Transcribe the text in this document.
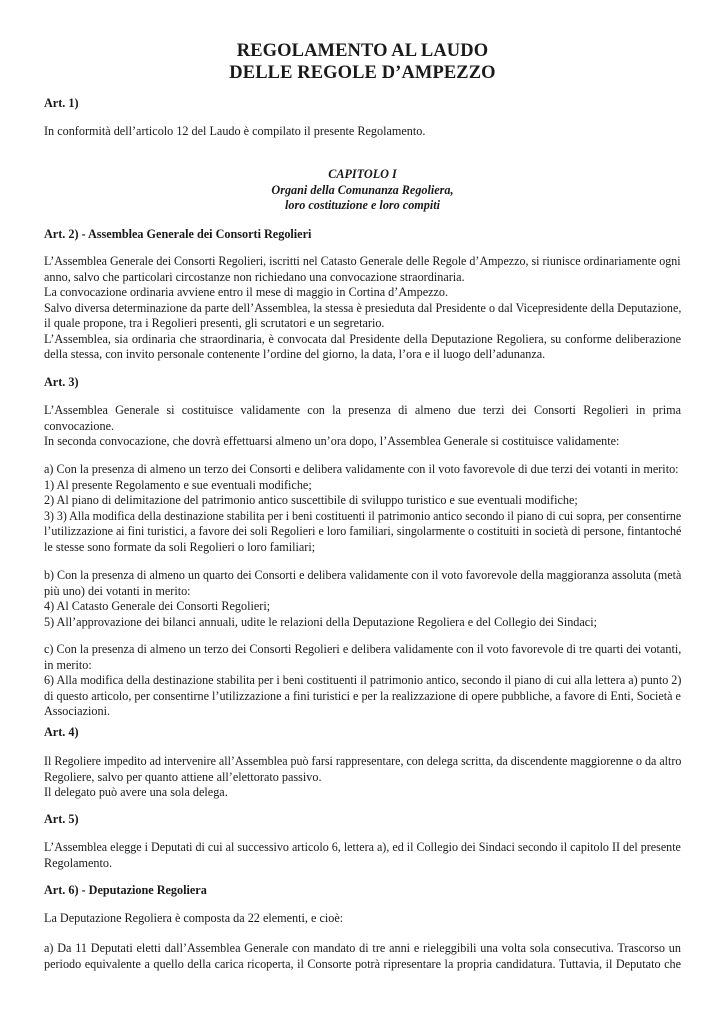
REGOLAMENTO AL LAUDO
DELLE REGOLE D’AMPEZZO
Art. 1)
In conformità dell’articolo 12 del Laudo è compilato il presente Regolamento.
CAPITOLO I
Organi della Comunanza Regoliera,
loro costituzione e loro compiti
Art. 2) - Assemblea Generale dei Consorti Regolieri
L’Assemblea Generale dei Consorti Regolieri, iscritti nel Catasto Generale delle Regole d’Ampezzo, si riunisce ordinariamente ogni
anno, salvo che particolari circostanze non richiedano una convocazione straordinaria.
La convocazione ordinaria avviene entro il mese di maggio in Cortina d’Ampezzo.
Salvo diversa determinazione da parte dell’Assemblea, la stessa è presieduta dal Presidente o dal Vicepresidente della Deputazione,
il quale propone, tra i Regolieri presenti, gli scrutatori e un segretario.
L’Assemblea, sia ordinaria che straordinaria, è convocata dal Presidente della Deputazione Regoliera, su conforme deliberazione
della stessa, con invito personale contenente l’ordine del giorno, la data, l’ora e il luogo dell’adunanza.
Art. 3)
L’Assemblea Generale si costituisce validamente con la presenza di almeno due terzi dei Consorti Regolieri in prima
convocazione.
In seconda convocazione, che dovrà effettuarsi almeno un’ora dopo, l’Assemblea Generale si costituisce validamente:
a) Con la presenza di almeno un terzo dei Consorti e delibera validamente con il voto favorevole di due terzi dei votanti in merito:
1) Al presente Regolamento e sue eventuali modifiche;
2) Al piano di delimitazione del patrimonio antico suscettibile di sviluppo turistico e sue eventuali modifiche;
3) 3) Alla modifica della destinazione stabilita per i beni costituenti il patrimonio antico secondo il piano di cui sopra, per consentirne
l’utilizzazione ai fini turistici, a favore dei soli Regolieri e loro familiari, singolarmente o costituiti in società di persone, fintantoché
le stesse sono formate da soli Regolieri o loro familiari;
b) Con la presenza di almeno un quarto dei Consorti e delibera validamente con il voto favorevole della maggioranza assoluta (metà
più uno) dei votanti in merito:
4) Al Catasto Generale dei Consorti Regolieri;
5) All’approvazione dei bilanci annuali, udite le relazioni della Deputazione Regoliera e del Collegio dei Sindaci;
c) Con la presenza di almeno un terzo dei Consorti Regolieri e delibera validamente con il voto favorevole di tre quarti dei votanti,
in merito:
6) Alla modifica della destinazione stabilita per i beni costituenti il patrimonio antico, secondo il piano di cui alla lettera a) punto 2)
di questo articolo, per consentirne l’utilizzazione a fini turistici e per la realizzazione di opere pubbliche, a favore di Enti, Società e
Associazioni.
Art. 4)
Il Regoliere impedito ad intervenire all’Assemblea può farsi rappresentare, con delega scritta, da discendente maggiorenne o da altro
Regoliere, salvo per quanto attiene all’elettorato passivo.
Il delegato può avere una sola delega.
Art. 5)
L’Assemblea elegge i Deputati di cui al successivo articolo 6, lettera a), ed il Collegio dei Sindaci secondo il capitolo II del presente
Regolamento.
Art. 6) - Deputazione Regoliera
La Deputazione Regoliera è composta da 22 elementi, e cioè:
a) Da 11 Deputati eletti dall’Assemblea Generale con mandato di tre anni e rieleggibili una volta sola consecutiva. Trascorso un
periodo equivalente a quello della carica ricoperta, il Consorte potrà ripresentare la propria candidatura. Tuttavia, il Deputato che
